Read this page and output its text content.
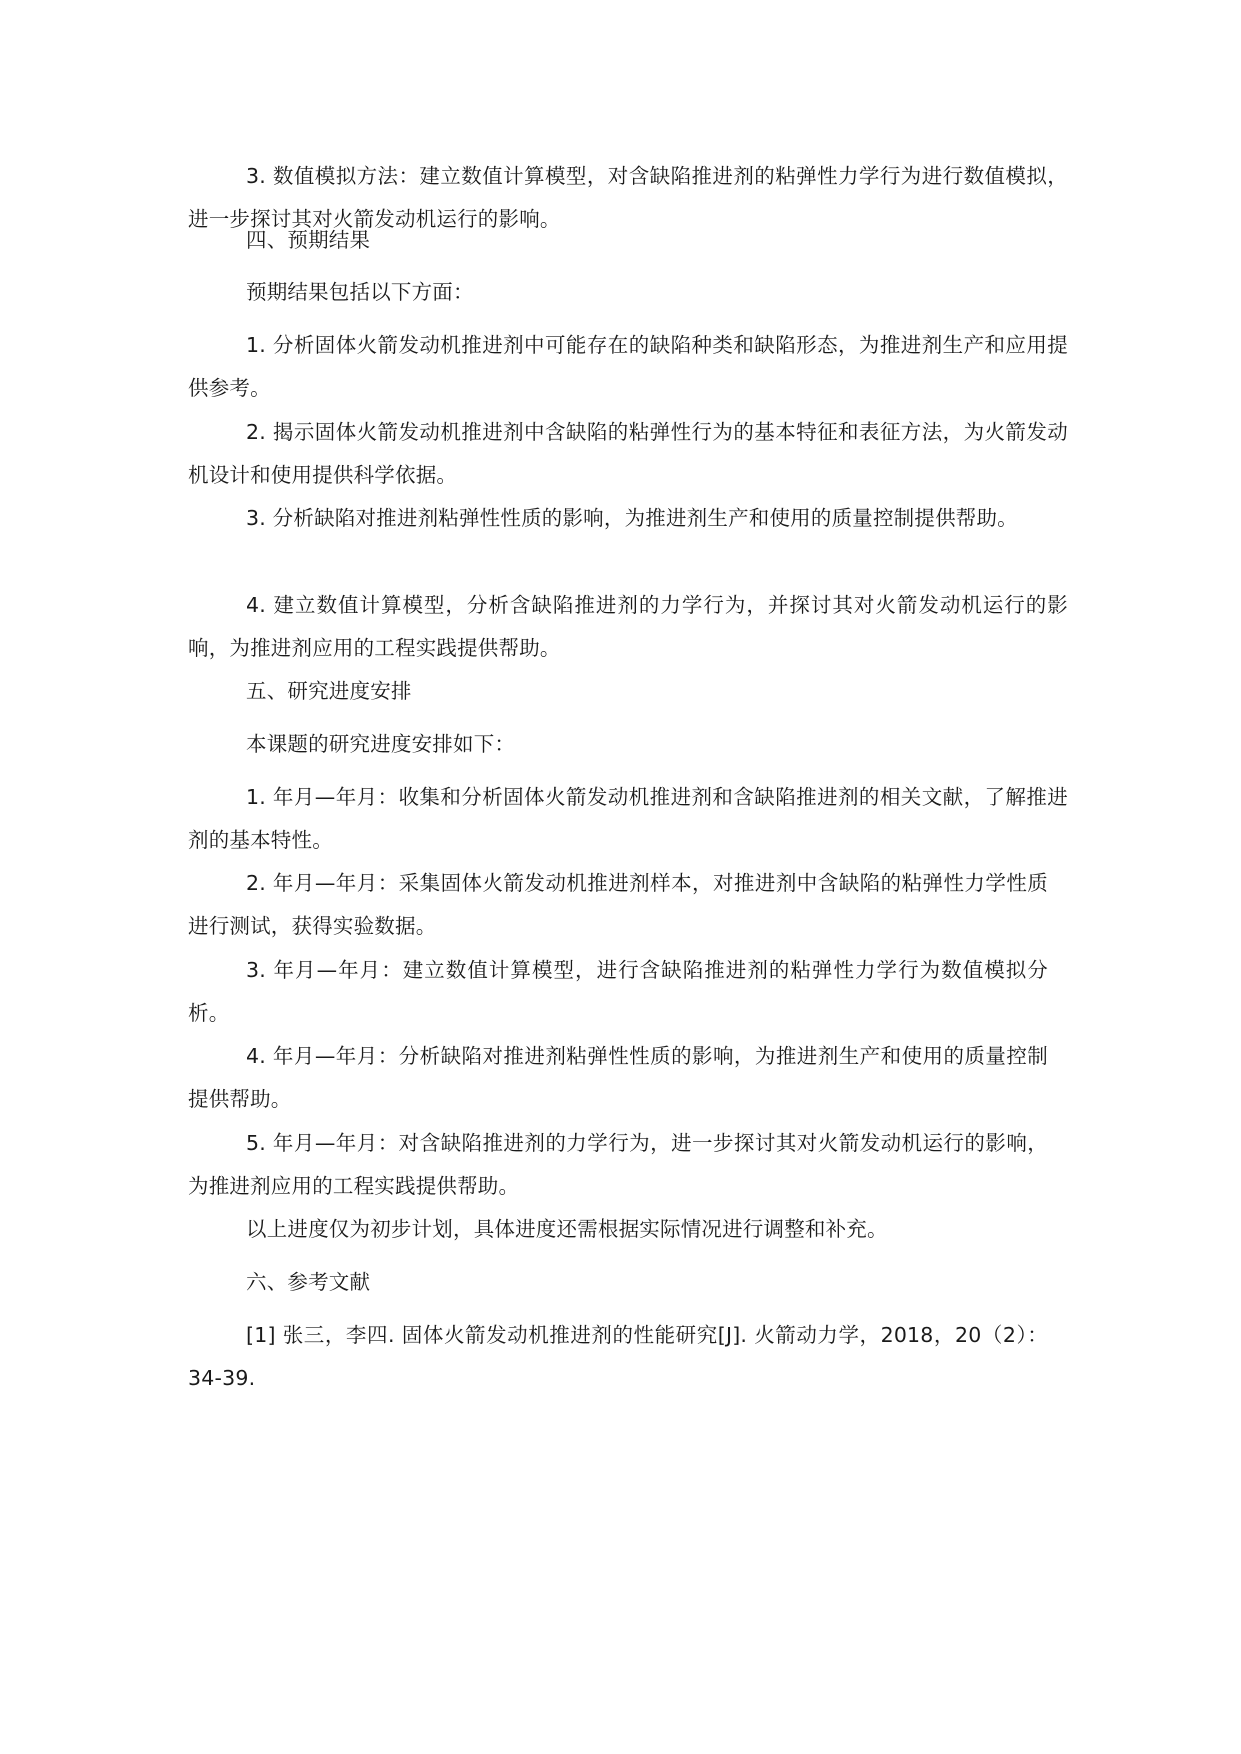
3. 数值模拟方法：建立数值计算模型，对含缺陷推进剂的粘弹性力学行为进行数值模拟，进一步探讨其对火箭发动机运行的影响。

四、预期结果

预期结果包括以下方面：

1. 分析固体火箭发动机推进剂中可能存在的缺陷种类和缺陷形态，为推进剂生产和应用提供参考。

2. 揭示固体火箭发动机推进剂中含缺陷的粘弹性行为的基本特征和表征方法，为火箭发动机设计和使用提供科学依据。

3. 分析缺陷对推进剂粘弹性性质的影响，为推进剂生产和使用的质量控制提供帮助。

4. 建立数值计算模型，分析含缺陷推进剂的力学行为，并探讨其对火箭发动机运行的影响，为推进剂应用的工程实践提供帮助。

五、研究进度安排

本课题的研究进度安排如下：

1. 年月—年月：收集和分析固体火箭发动机推进剂和含缺陷推进剂的相关文献，了解推进剂的基本特性。

2. 年月—年月：采集固体火箭发动机推进剂样本，对推进剂中含缺陷的粘弹性力学性质进行测试，获得实验数据。

3. 年月—年月：建立数值计算模型，进行含缺陷推进剂的粘弹性力学行为数值模拟分析。

4. 年月—年月：分析缺陷对推进剂粘弹性性质的影响，为推进剂生产和使用的质量控制提供帮助。

5. 年月—年月：对含缺陷推进剂的力学行为，进一步探讨其对火箭发动机运行的影响，为推进剂应用的工程实践提供帮助。

以上进度仅为初步计划，具体进度还需根据实际情况进行调整和补充。

六、参考文献

[1] 张三，李四. 固体火箭发动机推进剂的性能研究[J]. 火箭动力学，2018，20（2）：34-39.
